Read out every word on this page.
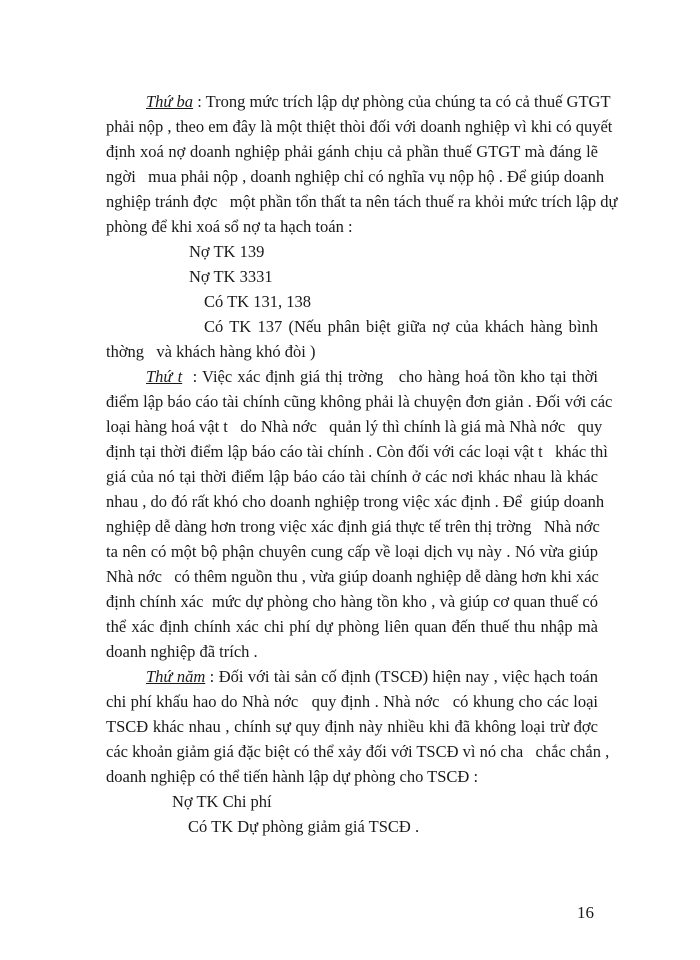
Thứ ba : Trong mức trích lập dự phòng của chúng ta có cả thuế GTGT
phải nộp , theo em đây là một thiệt thòi đối với doanh nghiệp vì khi có quyết
định xoá nợ doanh nghiệp phải gánh chịu cả phần thuế GTGT mà đáng lẽ
ngời   mua phải nộp , doanh nghiệp chỉ có nghĩa vụ nộp hộ . Để giúp doanh
nghiệp tránh đợc   một phần tổn thất ta nên tách thuế ra khỏi mức trích lập dự
phòng để khi xoá sổ nợ ta hạch toán :
Nợ TK 139
Nợ TK 3331
Có TK 131, 138
Có TK 137 (Nếu phân biệt giữa nợ của khách hàng bình
thờng   và khách hàng khó đòi )
Thứ t  : Việc xác định giá thị trờng   cho hàng hoá tồn kho tại thời
điểm lập báo cáo tài chính cũng không phải là chuyện đơn giản . Đối với các
loại hàng hoá vật t   do Nhà nớc   quản lý thì chính là giá mà Nhà nớc   quy
định tại thời điểm lập báo cáo tài chính . Còn đối với các loại vật t   khác thì
giá của nó tại thời điểm lập báo cáo tài chính ở các nơi khác nhau là khác
nhau , do đó rất khó cho doanh nghiệp trong việc xác định . Để  giúp doanh
nghiệp dễ dàng hơn trong việc xác định giá thực tế trên thị trờng   Nhà nớc
ta nên có một bộ phận chuyên cung cấp về loại dịch vụ này . Nó vừa giúp
Nhà nớc   có thêm nguồn thu , vừa giúp doanh nghiệp dễ dàng hơn khi xác
định chính xác  mức dự phòng cho hàng tồn kho , và giúp cơ quan thuế có
thể xác định chính xác chi phí dự phòng liên quan đến thuế thu nhập mà
doanh nghiệp đã trích .
Thứ năm : Đối với tài sản cố định (TSCĐ) hiện nay , việc hạch toán
chi phí khấu hao do Nhà nớc   quy định . Nhà nớc   có khung cho các loại
TSCĐ khác nhau , chính sự quy định này nhiều khi đã không loại trừ đợc
các khoản giảm giá đặc biệt có thể xảy đối với TSCĐ vì nó cha   chắc chắn ,
doanh nghiệp có thể tiến hành lập dự phòng cho TSCĐ :
Nợ TK Chi phí
Có TK Dự phòng giảm giá TSCĐ .
16
